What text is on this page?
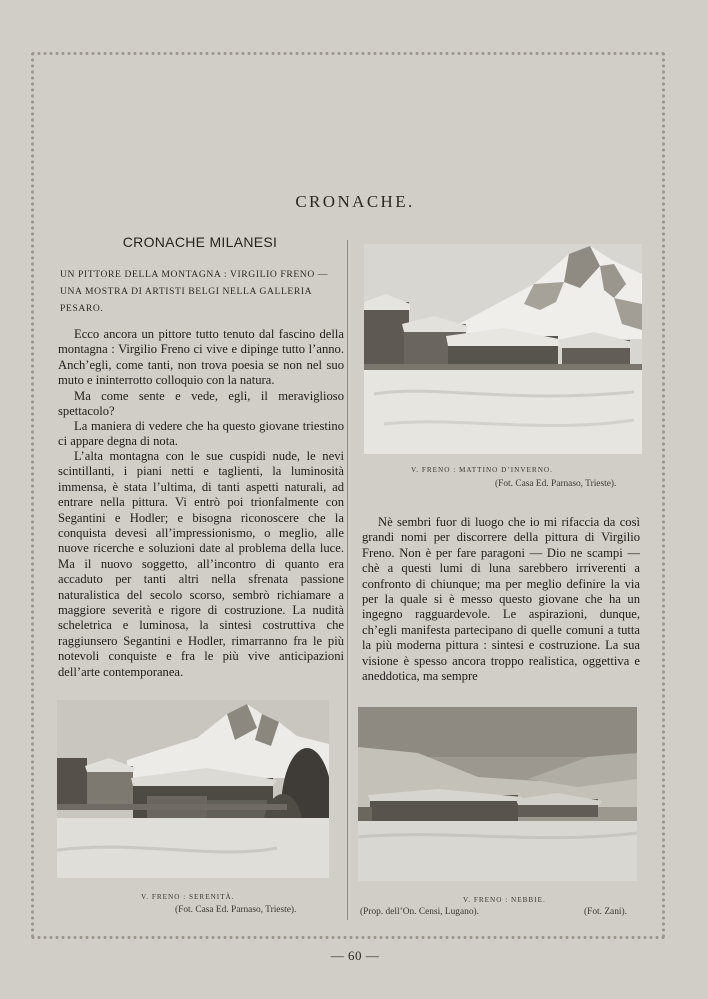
CRONACHE.
CRONACHE MILANESI
UN PITTORE DELLA MONTAGNA : VIRGILIO FRENO — UNA MOSTRA DI ARTISTI BELGI NELLA GALLERIA PESARO.

Ecco ancora un pittore tutto tenuto dal fascino della montagna : Virgilio Freno ci vive e dipinge tutto l’anno. Anch’egli, come tanti, non trova poesia se non nel suo muto e ininterrotto colloquio con la natura.

Ma come sente e vede, egli, il meraviglioso spettacolo?

La maniera di vedere che ha questo giovane triestino ci appare degna di nota.

L’alta montagna con le sue cuspidi nude, le nevi scintillanti, i piani netti e taglienti, la luminosità immensa, è stata l’ultima, di tanti aspetti naturali, ad entrare nella pittura. Vi entrò poi trionfalmente con Segantini e Hodler; e bisogna riconoscere che la conquista devesi all’impressionismo, o meglio, alle nuove ricerche e soluzioni date al problema della luce. Ma il nuovo soggetto, all’incontro di quanto era accaduto per tanti altri nella sfrenata passione naturalistica del secolo scorso, sembrò richiamare a maggiore severità e rigore di costruzione. La nudità scheletrica e luminosa, la sintesi costruttiva che raggiunsero Segantini e Hodler, rimarranno fra le più notevoli conquiste e fra le più vive anticipazioni dell’arte contemporanea.

Nè sembri fuor di luogo che io mi rifaccia da così grandi nomi per discorrere della pittura di Virgilio Freno. Non è per fare paragoni — Dio ne scampi — chè a questi lumi di luna sarebbero irriverenti a confronto di chiunque; ma per meglio definire la via per la quale si è messo questo giovane che ha un ingegno ragguardevole. Le aspirazioni, dunque, ch’egli manifesta partecipano di quelle comuni a tutta la più moderna pittura : sintesi e costruzione. La sua visione è spesso ancora troppo realistica, oggettiva e aneddotica, ma sempre

V. FRENO : MATTINO D’INVERNO.
(Fot. Casa Ed. Parnaso, Trieste).
V. FRENO : SERENITÀ.
(Fot. Casa Ed. Parnaso, Trieste).
V. FRENO : NEBBIE.
(Prop. dell’On. Censi, Lugano).	(Fot. Zani).
— 60 —
